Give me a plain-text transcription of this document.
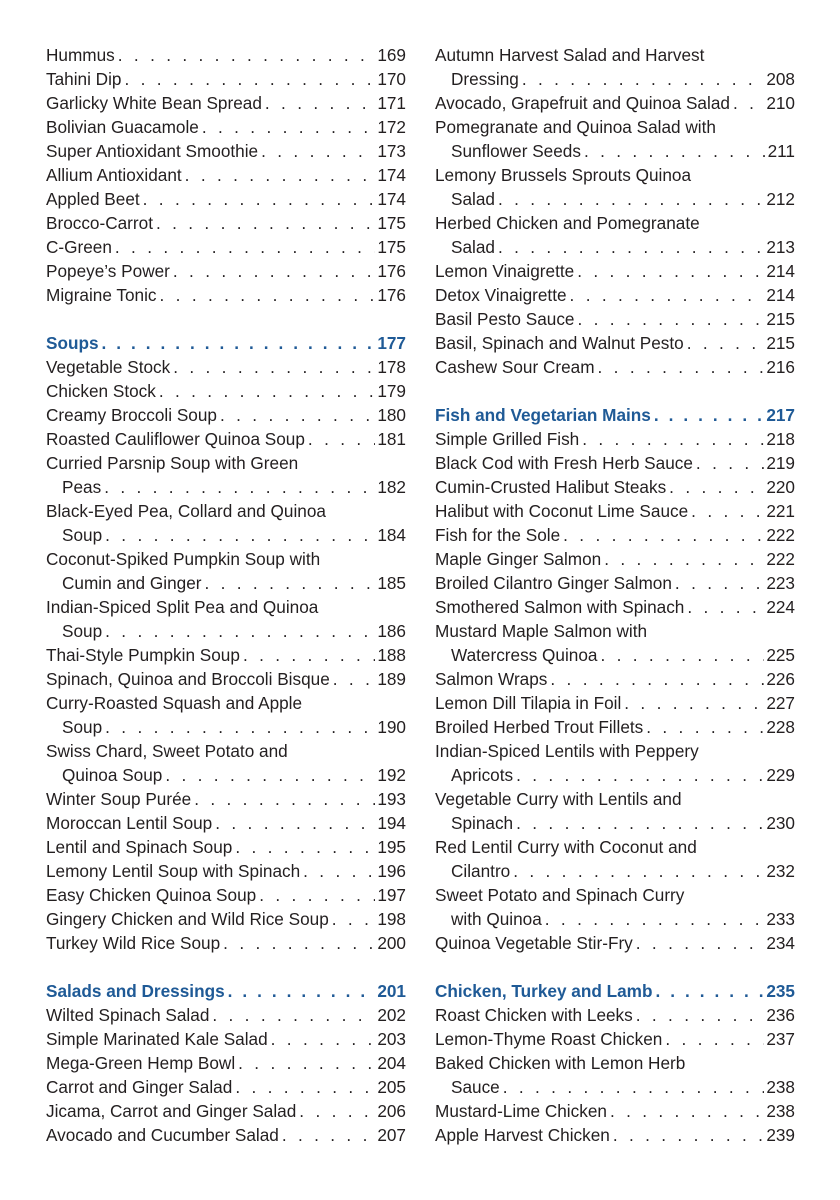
Hummus . . .	169
Tahini Dip . . .	170
Garlicky White Bean Spread . . .	171
Bolivian Guacamole . . .	172
Super Antioxidant Smoothie . . .	173
Allium Antioxidant . . .	174
Appled Beet . . .	174
Brocco-Carrot . . .	175
C-Green . . .	175
Popeye’s Power . . .	176
Migraine Tonic . . .	176
Soups . . .	177
Vegetable Stock . . .	178
Chicken Stock . . .	179
Creamy Broccoli Soup . . .	180
Roasted Cauliflower Quinoa Soup . . .	181
Curried Parsnip Soup with Green
Peas . . .	182
Black-Eyed Pea, Collard and Quinoa
Soup . . .	184
Coconut-Spiked Pumpkin Soup with
Cumin and Ginger . . .	185
Indian-Spiced Split Pea and Quinoa
Soup . . .	186
Thai-Style Pumpkin Soup . . .	188
Spinach, Quinoa and Broccoli Bisque . . .	189
Curry-Roasted Squash and Apple
Soup . . .	190
Swiss Chard, Sweet Potato and
Quinoa Soup . . .	192
Winter Soup Purée . . .	193
Moroccan Lentil Soup . . .	194
Lentil and Spinach Soup . . .	195
Lemony Lentil Soup with Spinach . . .	196
Easy Chicken Quinoa Soup . . .	197
Gingery Chicken and Wild Rice Soup . . .	198
Turkey Wild Rice Soup . . .	200
Salads and Dressings . . .	201
Wilted Spinach Salad . . .	202
Simple Marinated Kale Salad . . .	203
Mega-Green Hemp Bowl . . .	204
Carrot and Ginger Salad . . .	205
Jicama, Carrot and Ginger Salad . . .	206
Avocado and Cucumber Salad . . .	207
Autumn Harvest Salad and Harvest
Dressing . . .	208
Avocado, Grapefruit and Quinoa Salad . . . 210
Pomegranate and Quinoa Salad with
Sunflower Seeds . . .	211
Lemony Brussels Sprouts Quinoa
Salad . . .	212
Herbed Chicken and Pomegranate
Salad . . .	213
Lemon Vinaigrette . . .	214
Detox Vinaigrette . . .	214
Basil Pesto Sauce . . .	215
Basil, Spinach and Walnut Pesto . . .	215
Cashew Sour Cream . . .	216
Fish and Vegetarian Mains . . .	217
Simple Grilled Fish . . .	218
Black Cod with Fresh Herb Sauce . . .	219
Cumin-Crusted Halibut Steaks . . .	220
Halibut with Coconut Lime Sauce . . .	221
Fish for the Sole . . .	222
Maple Ginger Salmon . . .	222
Broiled Cilantro Ginger Salmon . . .	223
Smothered Salmon with Spinach . . .	224
Mustard Maple Salmon with
Watercress Quinoa . . .	225
Salmon Wraps . . .	226
Lemon Dill Tilapia in Foil . . .	227
Broiled Herbed Trout Fillets . . .	228
Indian-Spiced Lentils with Peppery
Apricots . . .	229
Vegetable Curry with Lentils and
Spinach . . .	230
Red Lentil Curry with Coconut and
Cilantro . . .	232
Sweet Potato and Spinach Curry
with Quinoa . . .	233
Quinoa Vegetable Stir-Fry . . .	234
Chicken, Turkey and Lamb . . .	235
Roast Chicken with Leeks . . .	236
Lemon-Thyme Roast Chicken . . .	237
Baked Chicken with Lemon Herb
Sauce . . .	238
Mustard-Lime Chicken . . .	238
Apple Harvest Chicken . . .	239
